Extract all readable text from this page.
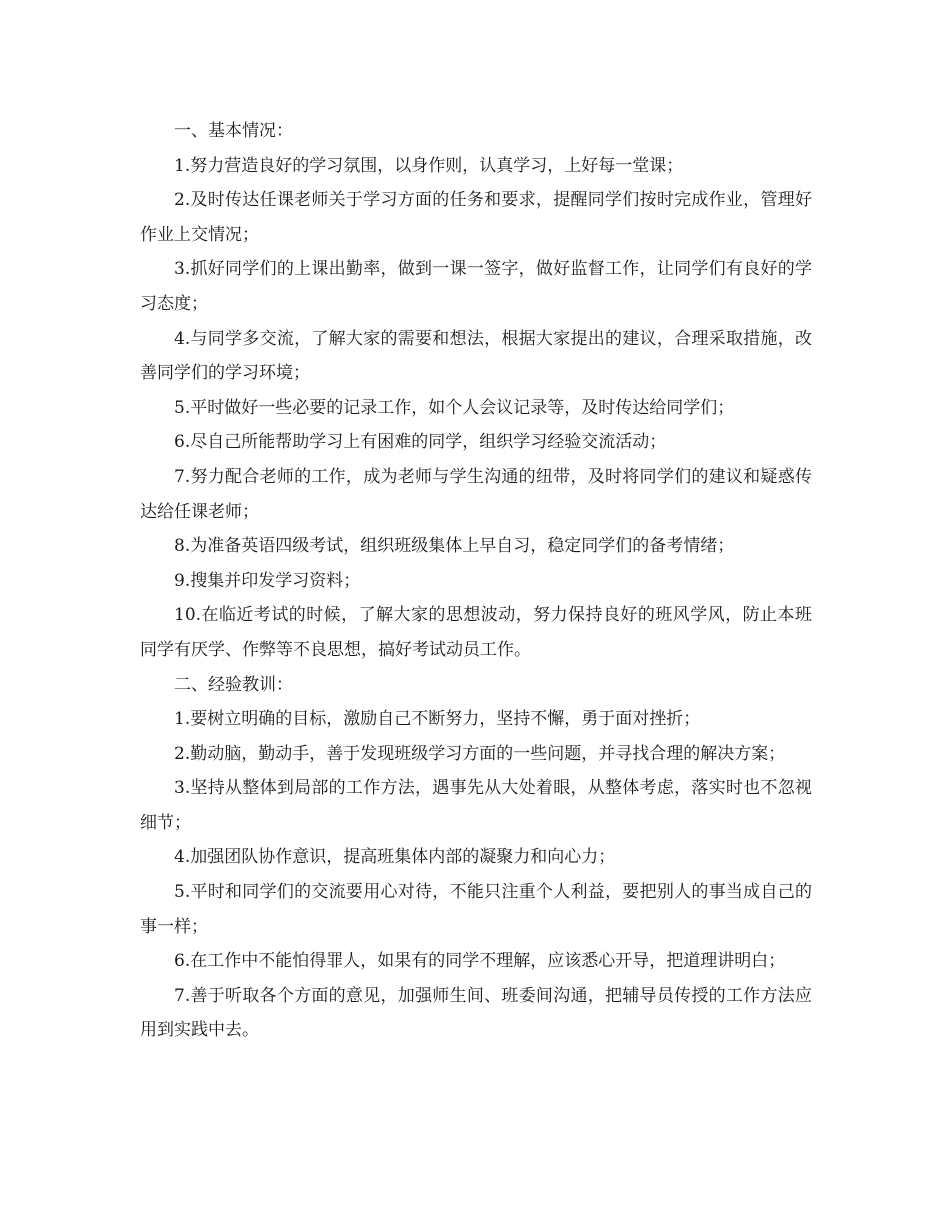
一、基本情况：

1.努力营造良好的学习氛围，以身作则，认真学习，上好每一堂课；

2.及时传达任课老师关于学习方面的任务和要求，提醒同学们按时完成作业，管理好作业上交情况；

3.抓好同学们的上课出勤率，做到一课一签字，做好监督工作，让同学们有良好的学习态度；

4.与同学多交流，了解大家的需要和想法，根据大家提出的建议，合理采取措施，改善同学们的学习环境；

5.平时做好一些必要的记录工作，如个人会议记录等，及时传达给同学们；

6.尽自己所能帮助学习上有困难的同学，组织学习经验交流活动；

7.努力配合老师的工作，成为老师与学生沟通的纽带，及时将同学们的建议和疑惑传达给任课老师；

8.为准备英语四级考试，组织班级集体上早自习，稳定同学们的备考情绪；

9.搜集并印发学习资料；

10.在临近考试的时候，了解大家的思想波动，努力保持良好的班风学风，防止本班同学有厌学、作弊等不良思想，搞好考试动员工作。

二、经验教训：

1.要树立明确的目标，激励自己不断努力，坚持不懈，勇于面对挫折；

2.勤动脑，勤动手，善于发现班级学习方面的一些问题，并寻找合理的解决方案；

3.坚持从整体到局部的工作方法，遇事先从大处着眼，从整体考虑，落实时也不忽视细节；

4.加强团队协作意识，提高班集体内部的凝聚力和向心力；

5.平时和同学们的交流要用心对待，不能只注重个人利益，要把别人的事当成自己的事一样；

6.在工作中不能怕得罪人，如果有的同学不理解，应该悉心开导，把道理讲明白；

7.善于听取各个方面的意见，加强师生间、班委间沟通，把辅导员传授的工作方法应用到实践中去。
